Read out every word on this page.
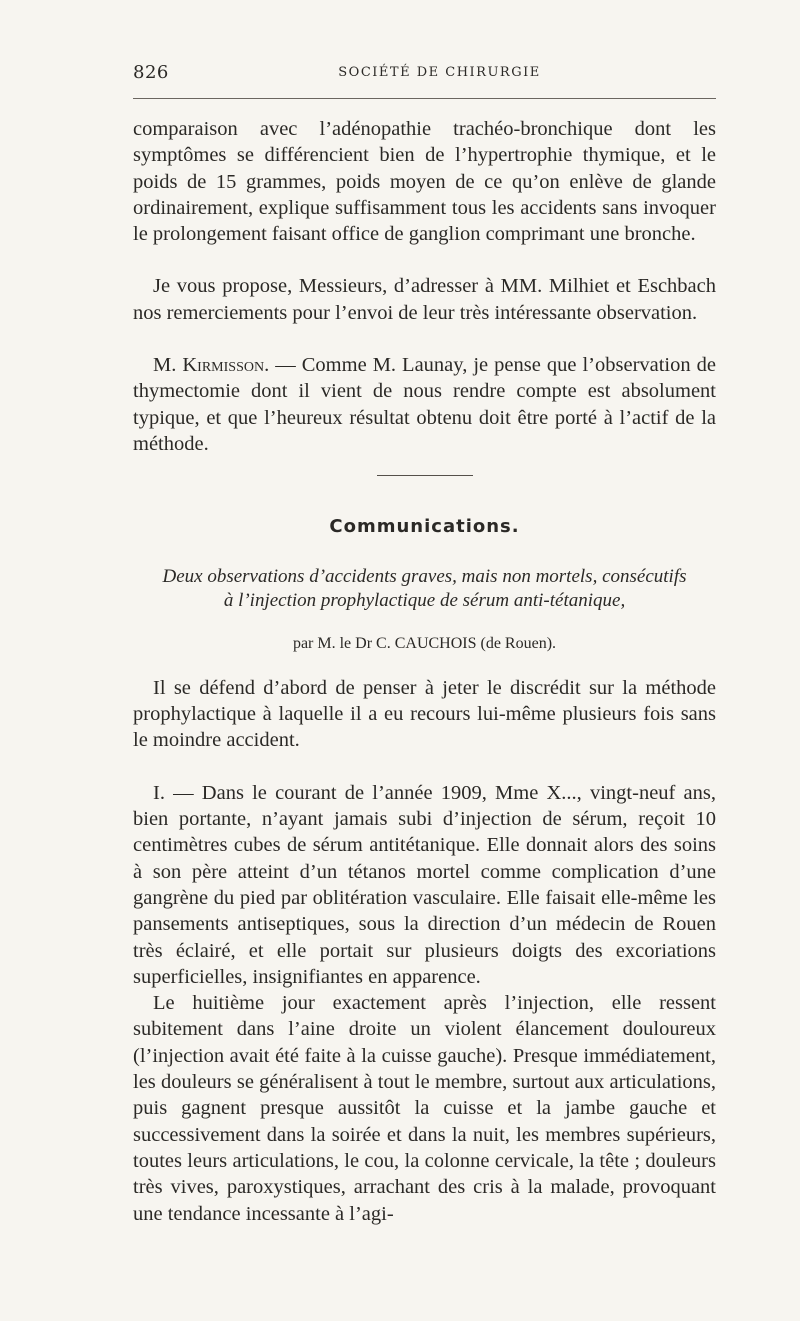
826	SOCIÉTÉ DE CHIRURGIE

comparaison avec l’adénopathie trachéo-bronchique dont les symptômes se différencient bien de l’hypertrophie thymique, et le poids de 15 grammes, poids moyen de ce qu’on enlève de glande ordinairement, explique suffisamment tous les accidents sans invoquer le prolongement faisant office de ganglion comprimant une bronche.

Je vous propose, Messieurs, d’adresser à MM. Milhiet et Eschbach nos remerciements pour l’envoi de leur très intéressante observation.

M. Kirmisson. — Comme M. Launay, je pense que l’observation de thymectomie dont il vient de nous rendre compte est absolument typique, et que l’heureux résultat obtenu doit être porté à l’actif de la méthode.

Communications.
Deux observations d’accidents graves, mais non mortels, consécutifs
à l’injection prophylactique de sérum anti-tétanique,
par M. le Dr C. CAUCHOIS (de Rouen).

Il se défend d’abord de penser à jeter le discrédit sur la méthode prophylactique à laquelle il a eu recours lui-même plusieurs fois sans le moindre accident.

I. — Dans le courant de l’année 1909, Mme X..., vingt-neuf ans, bien portante, n’ayant jamais subi d’injection de sérum, reçoit 10 centimètres cubes de sérum antitétanique. Elle donnait alors des soins à son père atteint d’un tétanos mortel comme complication d’une gangrène du pied par oblitération vasculaire. Elle faisait elle-même les pansements antiseptiques, sous la direction d’un médecin de Rouen très éclairé, et elle portait sur plusieurs doigts des excoriations superficielles, insignifiantes en apparence.

Le huitième jour exactement après l’injection, elle ressent subitement dans l’aine droite un violent élancement douloureux (l’injection avait été faite à la cuisse gauche). Presque immédiatement, les douleurs se généralisent à tout le membre, surtout aux articulations, puis gagnent presque aussitôt la cuisse et la jambe gauche et successivement dans la soirée et dans la nuit, les membres supérieurs, toutes leurs articulations, le cou, la colonne cervicale, la tête ; douleurs très vives, paroxystiques, arrachant des cris à la malade, provoquant une tendance incessante à l’agi-
